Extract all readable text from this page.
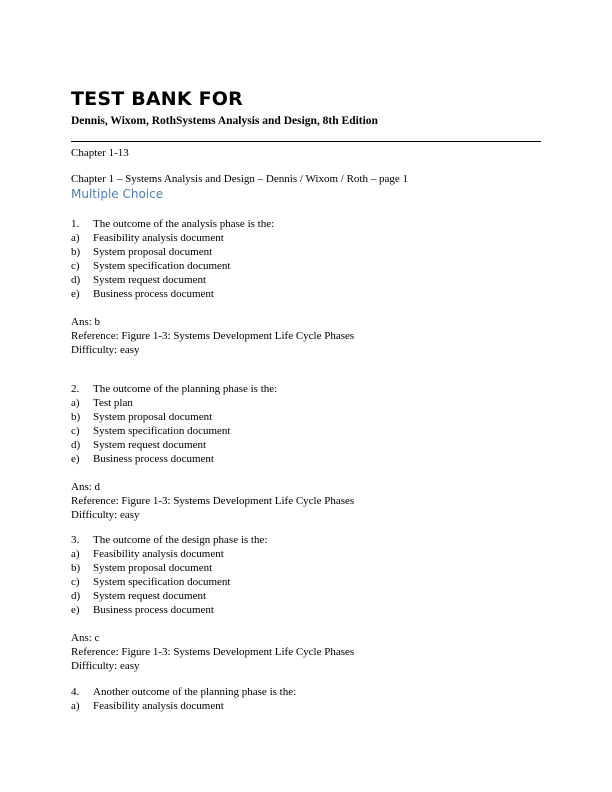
TEST BANK FOR
Dennis, Wixom, RothSystems Analysis and Design, 8th Edition
Chapter 1-13
Chapter 1 – Systems Analysis and Design – Dennis / Wixom / Roth – page 1
Multiple Choice
1.	The outcome of the analysis phase is the:
a)	Feasibility analysis document
b)	System proposal document
c)	System specification document
d)	System request document
e)	Business process document
Ans: b
Reference: Figure 1-3: Systems Development Life Cycle Phases
Difficulty: easy
2.	The outcome of the planning phase is the:
a)	Test plan
b)	System proposal document
c)	System specification document
d)	System request document
e)	Business process document
Ans: d
Reference: Figure 1-3: Systems Development Life Cycle Phases
Difficulty: easy
3.	The outcome of the design phase is the:
a)	Feasibility analysis document
b)	System proposal document
c)	System specification document
d)	System request document
e)	Business process document
Ans: c
Reference: Figure 1-3: Systems Development Life Cycle Phases
Difficulty: easy
4.	Another outcome of the planning phase is the:
a)	Feasibility analysis document
